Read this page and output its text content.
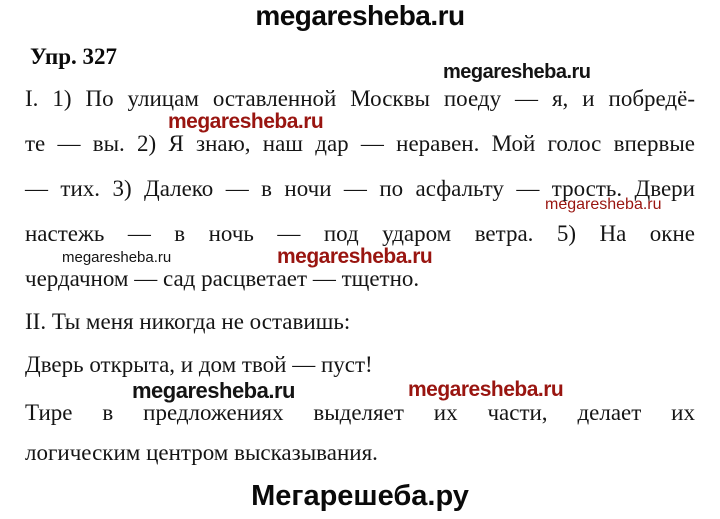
megaresheba.ru
Упр. 327
megaresheba.ru
megaresheba.ru
megaresheba.ru
megaresheba.ru	megaresheba.ru
megaresheba.ru	megaresheba.ru
І. 1) По улицам оставленной Москвы поеду — я, и побредё-
те — вы. 2) Я знаю, наш дар — неравен. Мой голос впервые
— тих. 3) Далеко — в ночи — по асфальту — трость. Двери
настежь — в ночь — под ударом ветра. 5) На окне
чердачном — сад расцветает — тщетно.
II. Ты меня никогда не оставишь:
Дверь открыта, и дом твой — пуст!
Тире в предложениях выделяет их части, делает их
логическим центром высказывания.
Мегарешеба.ру
